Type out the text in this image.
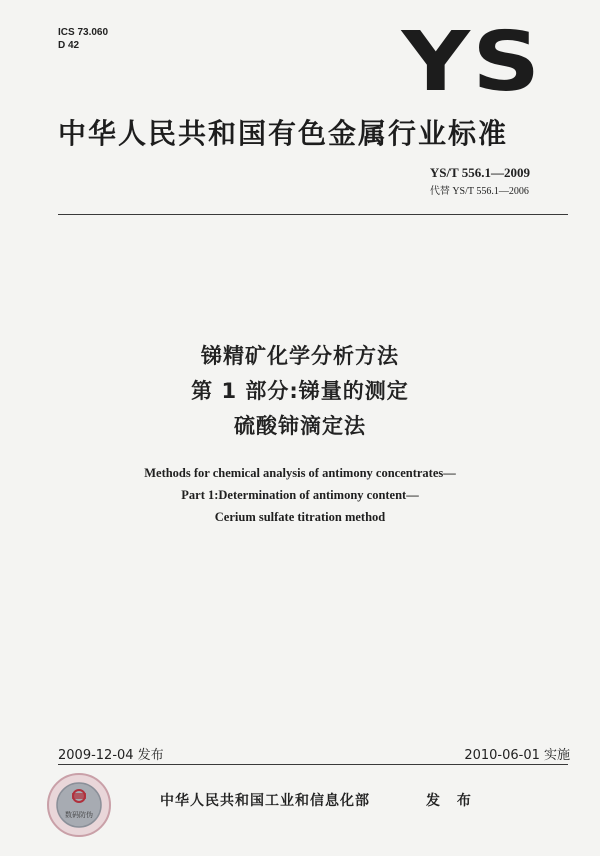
ICS 73.060
D 42	YS
中华人民共和国有色金属行业标准
YS/T 556.1—2009
代替 YS/T 556.1—2006
锑精矿化学分析方法
第 1 部分:锑量的测定
硫酸铈滴定法
Methods for chemical analysis of antimony concentrates—
Part 1:Determination of antimony content—
Cerium sulfate titration method
2009-12-04 发布	2010-06-01 实施
数码防伪
中华人民共和国工业和信息化部	发 布
